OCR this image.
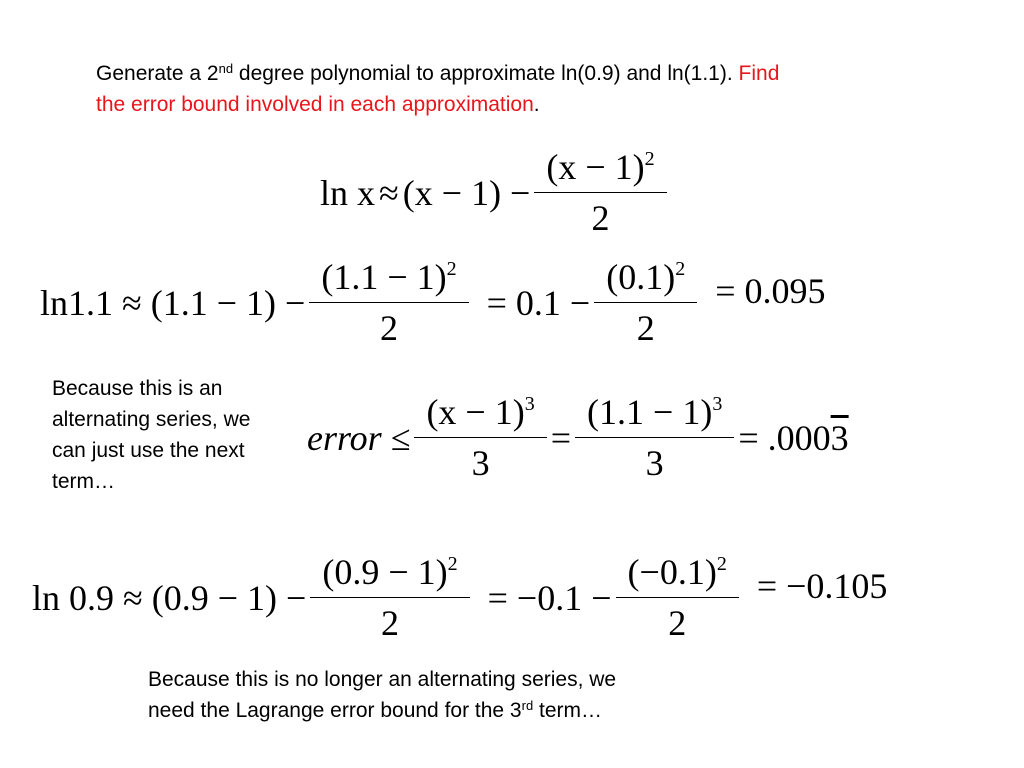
Generate a 2nd degree polynomial to approximate ln(0.9) and ln(1.1). Find
the error bound involved in each approximation.
$\ln x \approx (x - 1) - \frac{(x - 1)^2}{2}$
$\ln 1.1 \approx (1.1 - 1) - \frac{(1.1 - 1)^2}{2} = 0.1 - \frac{(0.1)^2}{2} = 0.095$
Because this is an alternating series, we can just use the next term…
error ≤ $\frac{(x - 1)^3}{3} = \frac{(1.1 - 1)^3}{3} = .0003$
$\ln 0.9 \approx (0.9 - 1) - \frac{(0.9 - 1)^2}{2} = -0.1 - \frac{(-0.1)^2}{2} = -0.105$
Because this is no longer an alternating series, we
need the Lagrange error bound for the 3rd term…
